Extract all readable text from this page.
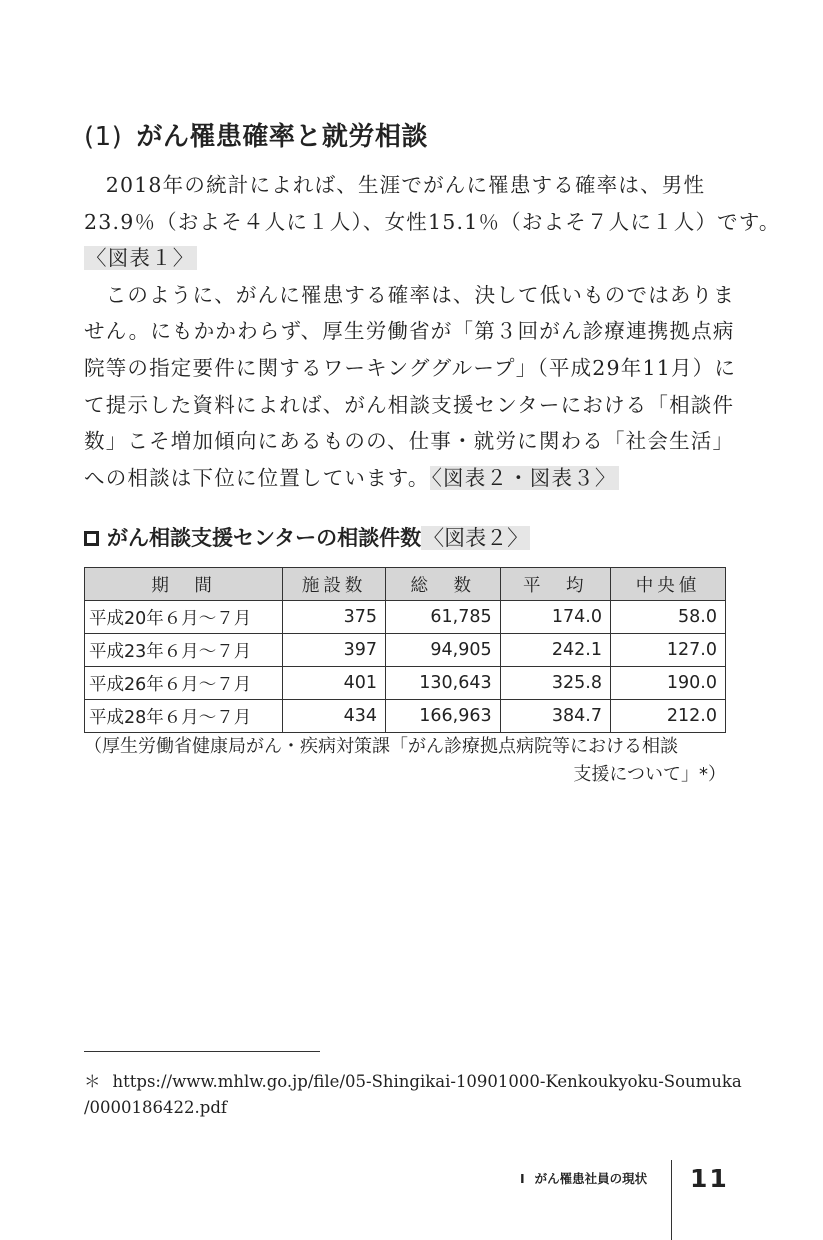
(1) がん罹患確率と就労相談

　2018年の統計によれば、生涯でがんに罹患する確率は、男性
23.9％（およそ４人に１人）、女性15.1％（およそ７人に１人）です。
〈図表１〉

　このように、がんに罹患する確率は、決して低いものではありま
せん。にもかかわらず、厚生労働省が「第３回がん診療連携拠点病
院等の指定要件に関するワーキンググループ」（平成29年11月）に
て提示した資料によれば、がん相談支援センターにおける「相談件
数」こそ増加傾向にあるものの、仕事・就労に関わる「社会生活」
への相談は下位に位置しています。〈図表２・図表３〉

がん相談支援センターの相談件数〈図表２〉
期　間	施設数	総　数	平　均	中央値
平成20年６月～７月	375	61,785	174.0	58.0
平成23年６月～７月	397	94,905	242.1	127.0
平成26年６月～７月	401	130,643	325.8	190.0
平成28年６月～７月	434	166,963	384.7	212.0
（厚生労働省健康局がん・疾病対策課「がん診療拠点病院等における相談
支援について」*）
＊ https://www.mhlw.go.jp/file/05-Shingikai-10901000-Kenkoukyoku-Soumuka
/0000186422.pdf
Ⅰ がん罹患社員の現状 11
